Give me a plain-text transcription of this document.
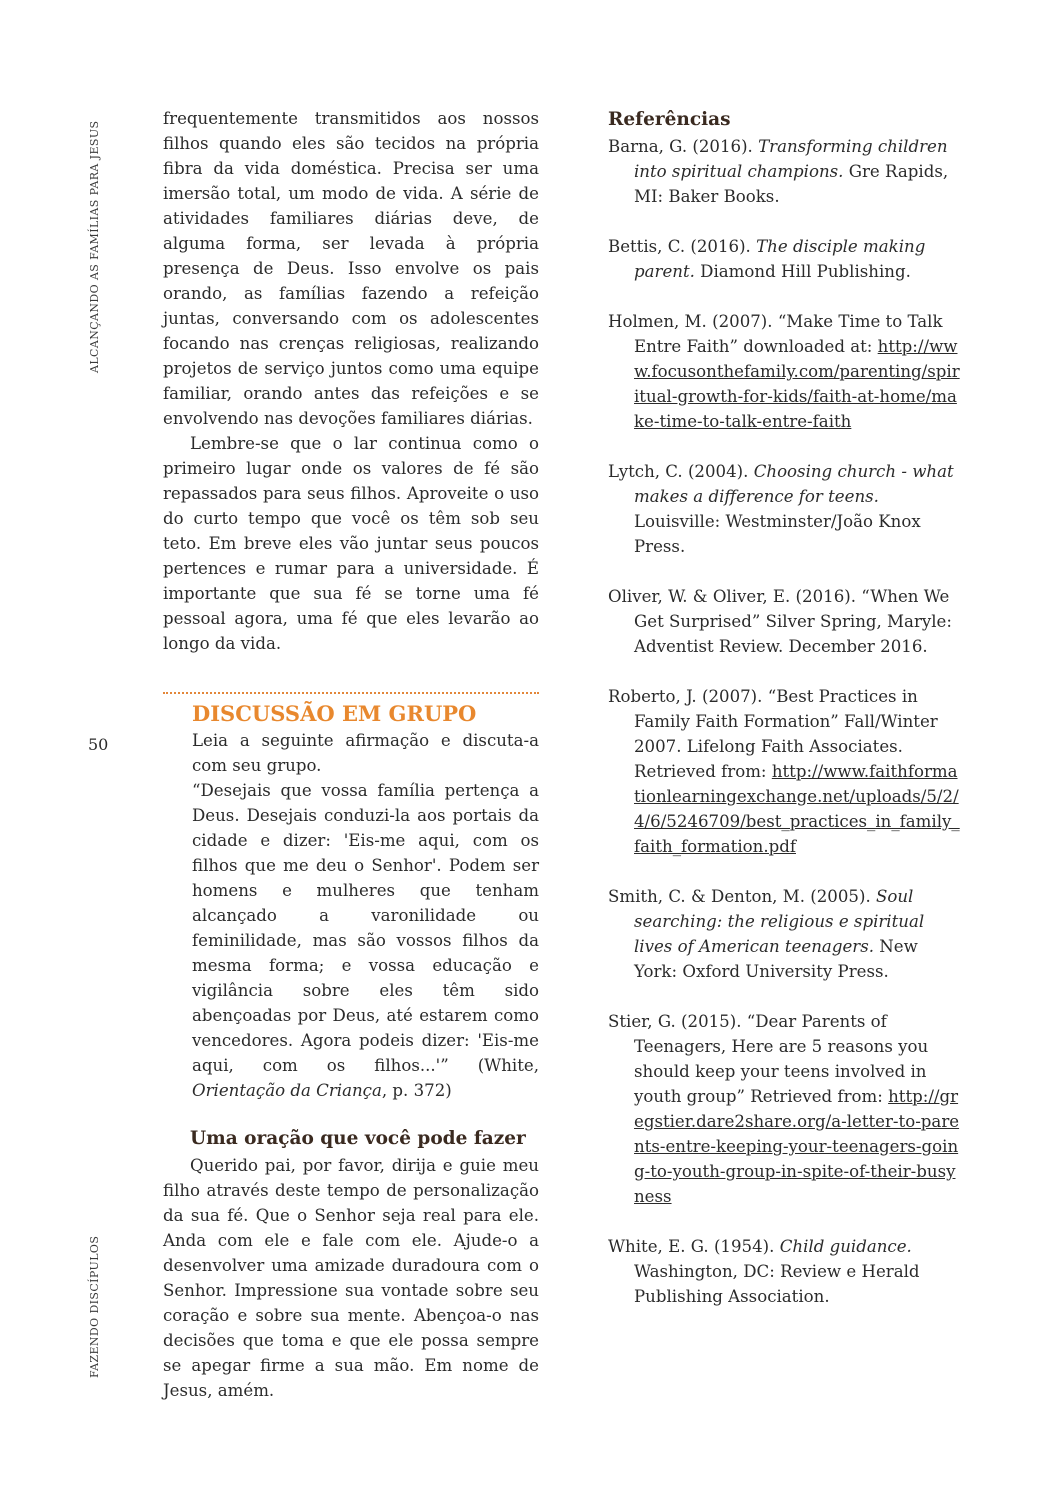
ALCANÇANDO AS FAMÍLIAS PARA JESUS
FAZENDO DISCÍPULOS
50

frequentemente transmitidos aos nossos filhos quando eles são tecidos na própria fibra da vida doméstica. Precisa ser uma imersão total, um modo de vida. A série de atividades familiares diárias deve, de alguma forma, ser levada à própria presença de Deus. Isso envolve os pais orando, as famílias fazendo a refeição juntas, conversando com os adolescentes focando nas crenças religiosas, realizando projetos de serviço juntos como uma equipe familiar, orando antes das refeições e se envolvendo nas devoções familiares diárias.

Lembre-se que o lar continua como o primeiro lugar onde os valores de fé são repassados para seus filhos. Aproveite o uso do curto tempo que você os têm sob seu teto. Em breve eles vão juntar seus poucos pertences e rumar para a universidade. É importante que sua fé se torne uma fé pessoal agora, uma fé que eles levarão ao longo da vida.

DISCUSSÃO EM GRUPO

Leia a seguinte afirmação e discuta-a com seu grupo.

“Desejais que vossa família pertença a Deus. Desejais conduzi-la aos portais da cidade e dizer: 'Eis-me aqui, com os filhos que me deu o Senhor'. Podem ser homens e mulheres que tenham alcançado a varonilidade ou feminilidade, mas são vossos filhos da mesma forma; e vossa educação e vigilância sobre eles têm sido abençoadas por Deus, até estarem como vencedores. Agora podeis dizer: 'Eis-me aqui, com os filhos...'” (White, Orientação da Criança, p. 372)

Uma oração que você pode fazer

Querido pai, por favor, dirija e guie meu filho através deste tempo de personalização da sua fé. Que o Senhor seja real para ele. Anda com ele e fale com ele. Ajude-o a desenvolver uma amizade duradoura com o Senhor. Impressione sua vontade sobre seu coração e sobre sua mente. Abençoa-o nas decisões que toma e que ele possa sempre se apegar firme a sua mão. Em nome de Jesus, amém.

Referências

Barna, G. (2016). Transforming children into spiritual champions. Gre Rapids, MI: Baker Books.

Bettis, C. (2016). The disciple making parent. Diamond Hill Publishing.

Holmen, M. (2007). “Make Time to Talk Entre Faith” downloaded at: http://www.focusonthefamily.com/parenting/spiritual-growth-for-kids/faith-at-home/make-time-to-talk-entre-faith

Lytch, C. (2004). Choosing church - what makes a difference for teens. Louisville: Westminster/João Knox Press.

Oliver, W. & Oliver, E. (2016). “When We Get Surprised” Silver Spring, Maryle: Adventist Review. December 2016.

Roberto, J. (2007). “Best Practices in Family Faith Formation” Fall/Winter 2007. Lifelong Faith Associates. Retrieved from: http://www.faithformationlearningexchange.net/uploads/5/2/4/6/5246709/best_practices_in_family_faith_formation.pdf

Smith, C. & Denton, M. (2005). Soul searching: the religious e spiritual lives of American teenagers. New York: Oxford University Press.

Stier, G. (2015). “Dear Parents of Teenagers, Here are 5 reasons you should keep your teens involved in youth group” Retrieved from: http://gregstier.dare2share.org/a-letter-to-parents-entre-keeping-your-teenagers-going-to-youth-group-in-spite-of-their-busyness

White, E. G. (1954). Child guidance. Washington, DC: Review e Herald Publishing Association.
